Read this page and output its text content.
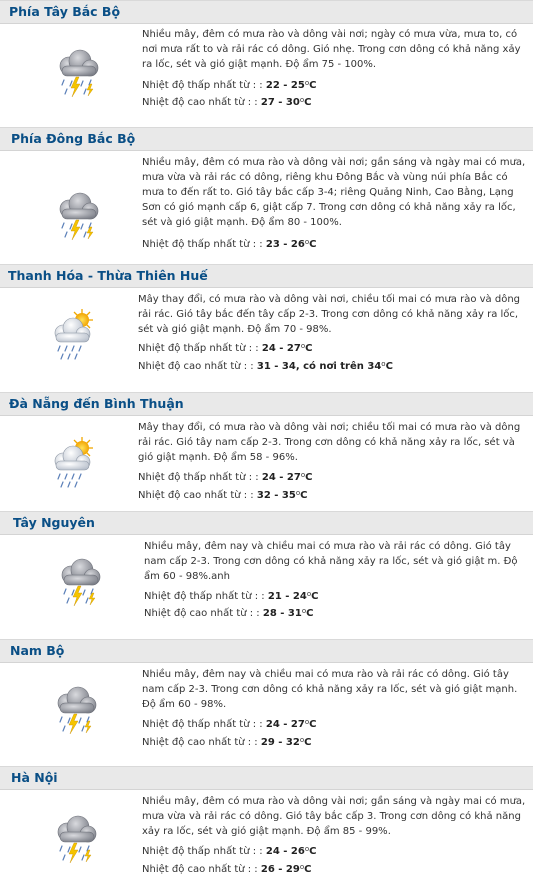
Phía Tây Bắc Bộ
Nhiều mây, đêm có mưa rào và dông vài nơi; ngày có mưa vừa, mưa to, có nơi mưa rất to và rải rác có dông. Gió nhẹ. Trong cơn dông có khả năng xảy ra lốc, sét và gió giật mạnh. Độ ẩm 75 - 100%.
Nhiệt độ thấp nhất từ : : 22 - 25$^o$C
Nhiệt độ cao nhất từ : : 27 - 30$^o$C
Phía Đông Bắc Bộ
Nhiều mây, đêm có mưa rào và dông vài nơi; gần sáng và ngày mai có mưa, mưa vừa và rải rác có dông, riêng khu Đông Bắc và vùng núi phía Bắc có mưa to đến rất to. Gió tây bắc cấp 3-4; riêng Quảng Ninh, Cao Bằng, Lạng Sơn có gió mạnh cấp 6, giật cấp 7. Trong cơn dông có khả năng xảy ra lốc, sét và gió giật mạnh. Độ ẩm 80 - 100%.
Nhiệt độ thấp nhất từ : : 23 - 26$^o$C
Thanh Hóa - Thừa Thiên Huế
Mây thay đổi, có mưa rào và dông vài nơi, chiều tối mai có mưa rào và dông rải rác. Gió tây bắc đến tây cấp 2-3. Trong cơn dông có khả năng xảy ra lốc, sét và gió giật mạnh. Độ ẩm 70 - 98%.
Nhiệt độ thấp nhất từ : : 24 - 27$^o$C
Nhiệt độ cao nhất từ : : 31 - 34, có nơi trên 34$^o$C
Đà Nẵng đến Bình Thuận
Mây thay đổi, có mưa rào và dông vài nơi; chiều tối mai có mưa rào và dông rải rác. Gió tây nam cấp 2-3. Trong cơn dông có khả năng xảy ra lốc, sét và gió giật mạnh. Độ ẩm 58 - 96%.
Nhiệt độ thấp nhất từ : : 24 - 27$^o$C
Nhiệt độ cao nhất từ : : 32 - 35$^o$C
Tây Nguyên
Nhiều mây, đêm nay và chiều mai có mưa rào và rải rác có dông. Gió tây nam cấp 2-3. Trong cơn dông có khả năng xảy ra lốc, sét và gió giật m. Độ ẩm 60 - 98%.anh
Nhiệt độ thấp nhất từ : : 21 - 24$^o$C
Nhiệt độ cao nhất từ : : 28 - 31$^o$C
Nam Bộ
Nhiều mây, đêm nay và chiều mai có mưa rào và rải rác có dông. Gió tây nam cấp 2-3. Trong cơn dông có khả năng xảy ra lốc, sét và gió giật mạnh. Độ ẩm 60 - 98%.
Nhiệt độ thấp nhất từ : : 24 - 27$^o$C
Nhiệt độ cao nhất từ : : 29 - 32$^o$C
Hà Nội
Nhiều mây, đêm có mưa rào và dông vài nơi; gần sáng và ngày mai có mưa, mưa vừa và rải rác có dông. Gió tây bắc cấp 3. Trong cơn dông có khả năng xảy ra lốc, sét và gió giật mạnh. Độ ẩm 85 - 99%.
Nhiệt độ thấp nhất từ : : 24 - 26$^o$C
Nhiệt độ cao nhất từ : : 26 - 29$^o$C
